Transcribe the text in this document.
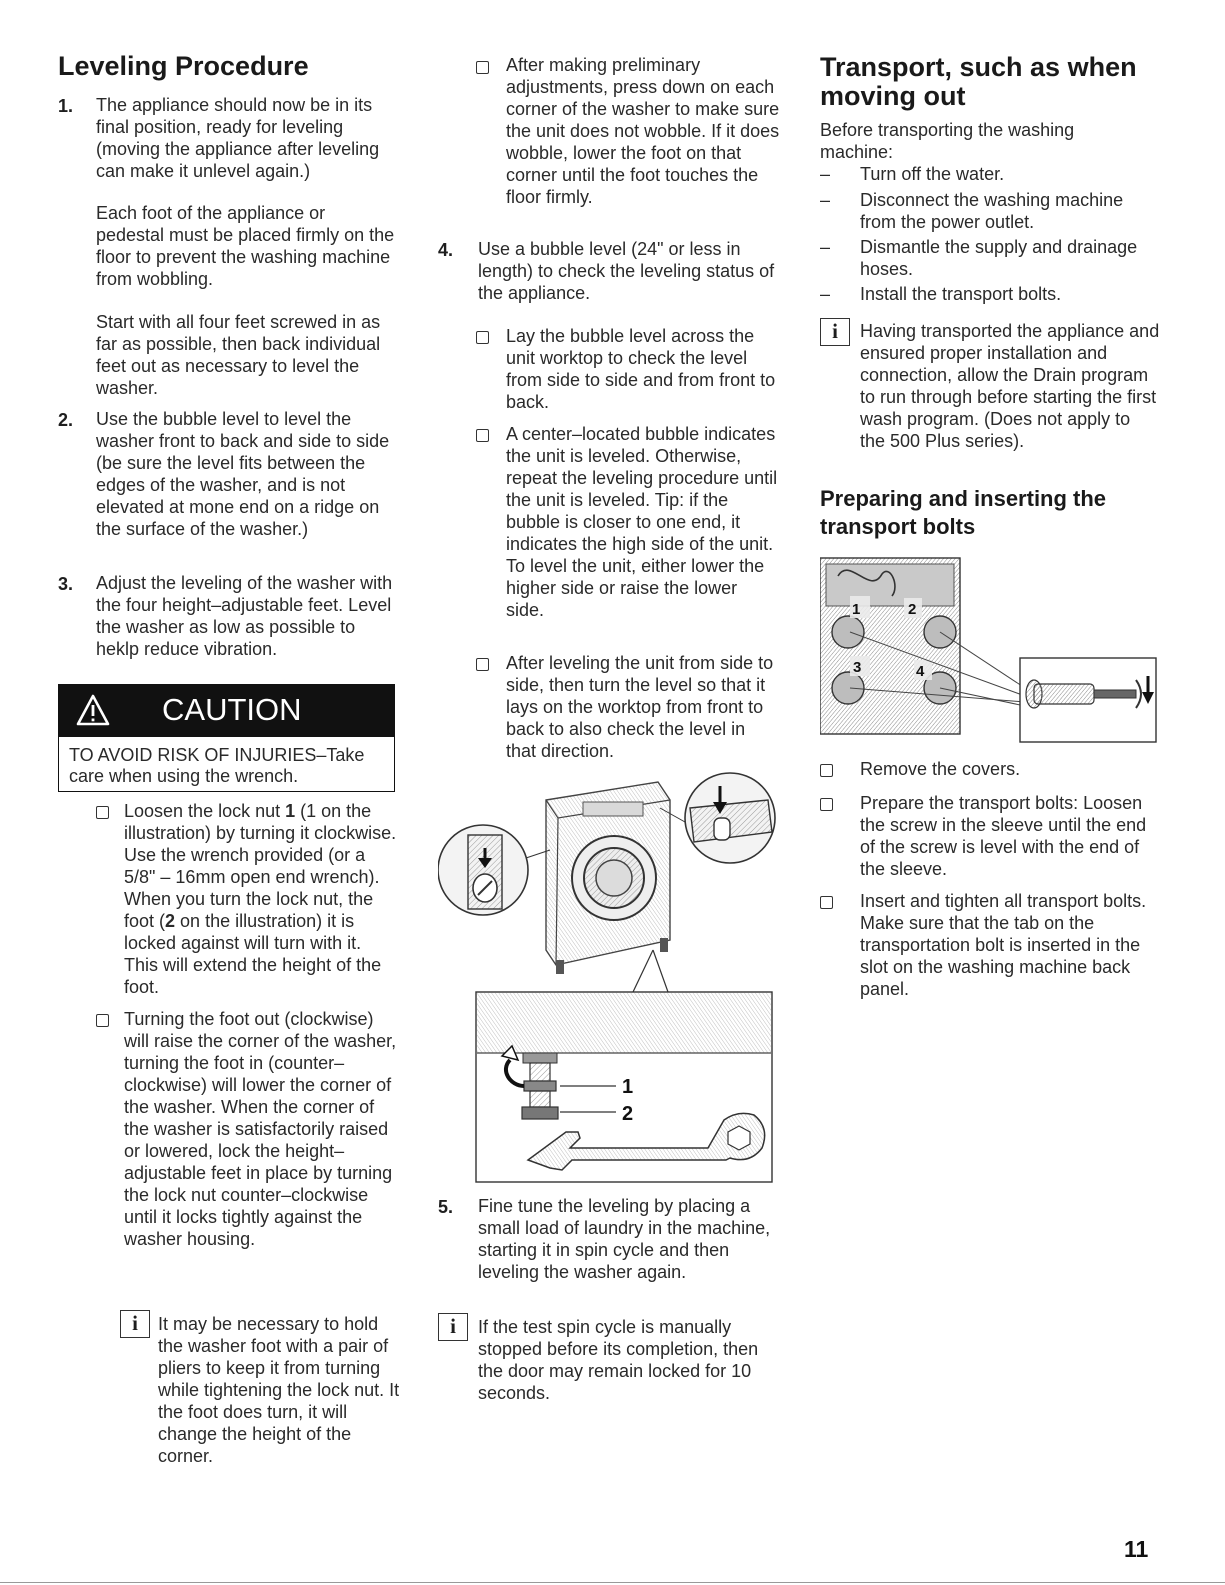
Leveling Procedure
1. The appliance should now be in its final position, ready for leveling (moving the appliance after leveling can make it unlevel again.)
Each foot of the appliance or pedestal must be placed firmly on the floor to prevent the washing machine from wobbling.
Start with all four feet screwed in as far as possible, then back individual feet out as necessary to level the washer.
2. Use the bubble level to level the washer front to back and side to side (be sure the level fits between the edges of the washer, and is not elevated at mone end on a ridge on the surface of the washer.)
3. Adjust the leveling of the washer with the four height–adjustable feet. Level the washer as low as possible to heklp reduce vibration.
CAUTION
TO AVOID RISK OF INJURIES–Take care when using the wrench.
Loosen the lock nut 1 (1 on the illustration) by turning it clockwise. Use the wrench provided (or a 5/8" – 16mm open end wrench). When you turn the lock nut, the foot (2 on the illustration) it is locked against will turn with it. This will extend the height of the foot.
Turning the foot out (clockwise) will raise the corner of the washer, turning the foot in (counter–clockwise) will lower the corner of the washer. When the corner of the washer is satisfactorily raised or lowered, lock the height–adjustable feet in place by turning the lock nut counter–clockwise until it locks tightly against the washer housing.
i	It may be necessary to hold the washer foot with a pair of pliers to keep it from turning while tightening the lock nut. It the foot does turn, it will change the height of the corner.
After making preliminary adjustments, press down on each corner of the washer to make sure the unit does not wobble. If it does wobble, lower the foot on that corner until the foot touches the floor firmly.
4. Use a bubble level (24" or less in length) to check the leveling status of the appliance.
Lay the bubble level across the unit worktop to check the level from side to side and from front to back.
A center–located bubble indicates the unit is leveled. Otherwise, repeat the leveling procedure until the unit is leveled. Tip: if the bubble is closer to one end, it indicates the high side of the unit. To level the unit, either lower the higher side or raise the lower side.
After leveling the unit from side to side, then turn the level so that it lays on the worktop from front to back to also check the level in that direction.
1
2
5. Fine tune the leveling by placing a small load of laundry in the machine, starting it in spin cycle and then leveling the washer again.
i	If the test spin cycle is manually stopped before its completion, then the door may remain locked for 10 seconds.
Transport, such as when moving out
Before transporting the washing machine:
– Turn off the water.
– Disconnect the washing machine from the power outlet.
– Dismantle the supply and drainage hoses.
– Install the transport bolts.
i	Having transported the appliance and ensured proper installation and connection, allow the Drain program to run through before starting the first wash program. (Does not apply to the 500 Plus series).
Preparing and inserting the transport bolts
1	2
3	4
Remove the covers.
Prepare the transport bolts: Loosen the screw in the sleeve until the end of the screw is level with the end of the sleeve.
Insert and tighten all transport bolts. Make sure that the tab on the transportation bolt is inserted in the slot on the washing machine back panel.
11
